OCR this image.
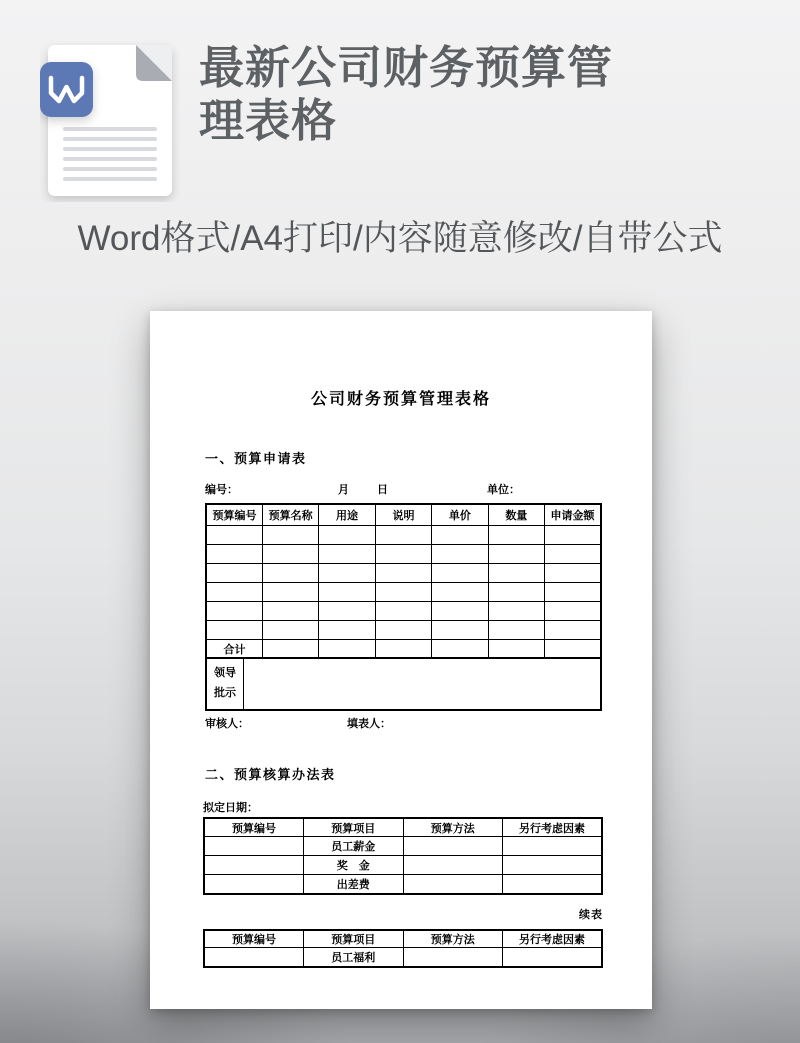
最新公司财务预算管理表格
Word格式/A4打印/内容随意修改/自带公式
公司财务预算管理表格
一、预算申请表
编号：	月　　日	单位：
预算编号	预算名称	用途	说明	单价	数量	申请金额

合计						
领导
批示

审核人：	填表人：
二、预算核算办法表
拟定日期：
预算编号	预算项目	预算方法	另行考虑因素
	员工薪金		
	奖　金		
	出差费		
续表
预算编号	预算项目	预算方法	另行考虑因素
	员工福利		
